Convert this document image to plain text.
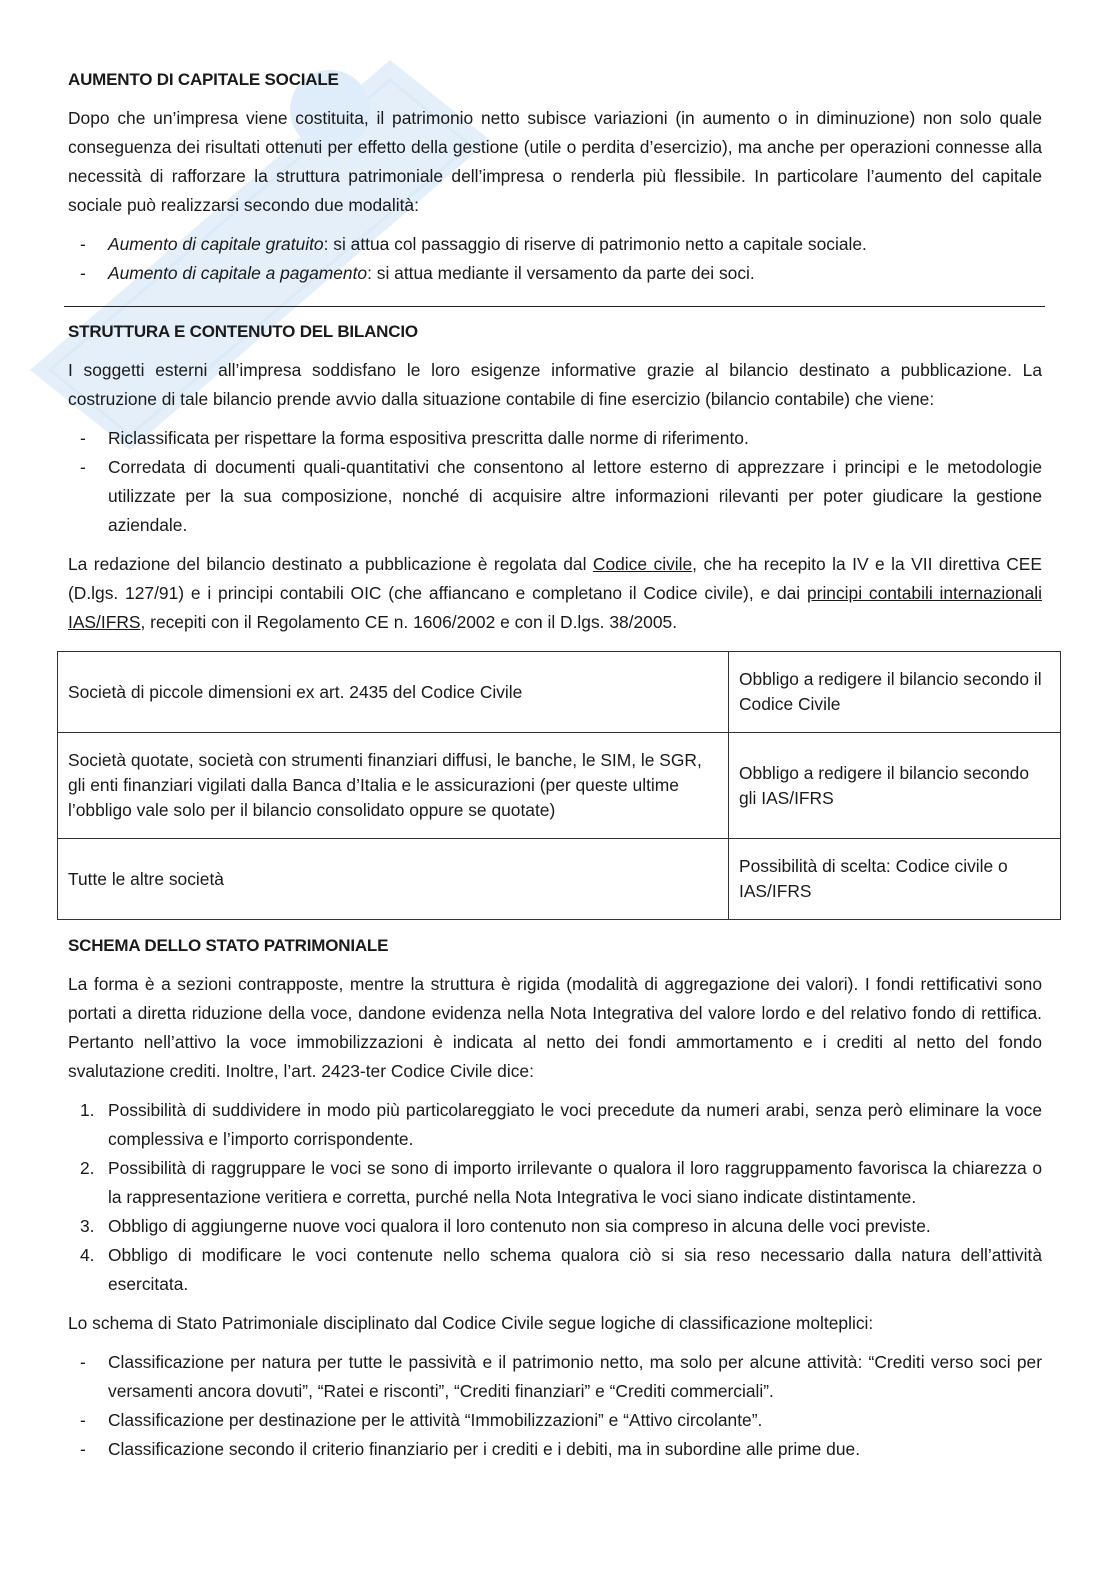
AUMENTO DI CAPITALE SOCIALE

Dopo che un’impresa viene costituita, il patrimonio netto subisce variazioni (in aumento o in diminuzione) non solo quale conseguenza dei risultati ottenuti per effetto della gestione (utile o perdita d’esercizio), ma anche per operazioni connesse alla necessità di rafforzare la struttura patrimoniale dell’impresa o renderla più flessibile. In particolare l’aumento del capitale sociale può realizzarsi secondo due modalità:

- Aumento di capitale gratuito: si attua col passaggio di riserve di patrimonio netto a capitale sociale.
- Aumento di capitale a pagamento: si attua mediante il versamento da parte dei soci.
STRUTTURA E CONTENUTO DEL BILANCIO

I soggetti esterni all’impresa soddisfano le loro esigenze informative grazie al bilancio destinato a pubblicazione. La costruzione di tale bilancio prende avvio dalla situazione contabile di fine esercizio (bilancio contabile) che viene:

- Riclassificata per rispettare la forma espositiva prescritta dalle norme di riferimento.
- Corredata di documenti quali-quantitativi che consentono al lettore esterno di apprezzare i principi e le metodologie utilizzate per la sua composizione, nonché di acquisire altre informazioni rilevanti per poter giudicare la gestione aziendale.

La redazione del bilancio destinato a pubblicazione è regolata dal Codice civile, che ha recepito la IV e la VII direttiva CEE (D.lgs. 127/91) e i principi contabili OIC (che affiancano e completano il Codice civile), e dai principi contabili internazionali IAS/IFRS, recepiti con il Regolamento CE n. 1606/2002 e con il D.lgs. 38/2005.

Società di piccole dimensioni ex art. 2435 del Codice Civile	Obbligo a redigere il bilancio secondo il Codice Civile
Società quotate, società con strumenti finanziari diffusi, le banche, le SIM, le SGR, gli enti finanziari vigilati dalla Banca d’Italia e le assicurazioni (per queste ultime l’obbligo vale solo per il bilancio consolidato oppure se quotate)	Obbligo a redigere il bilancio secondo gli IAS/IFRS
Tutte le altre società	Possibilità di scelta: Codice civile o IAS/IFRS
SCHEMA DELLO STATO PATRIMONIALE

La forma è a sezioni contrapposte, mentre la struttura è rigida (modalità di aggregazione dei valori). I fondi rettificativi sono portati a diretta riduzione della voce, dandone evidenza nella Nota Integrativa del valore lordo e del relativo fondo di rettifica. Pertanto nell’attivo la voce immobilizzazioni è indicata al netto dei fondi ammortamento e i crediti al netto del fondo svalutazione crediti. Inoltre, l’art. 2423-ter Codice Civile dice:

1. Possibilità di suddividere in modo più particolareggiato le voci precedute da numeri arabi, senza però eliminare la voce complessiva e l’importo corrispondente.
2. Possibilità di raggruppare le voci se sono di importo irrilevante o qualora il loro raggruppamento favorisca la chiarezza o la rappresentazione veritiera e corretta, purché nella Nota Integrativa le voci siano indicate distintamente.
3. Obbligo di aggiungerne nuove voci qualora il loro contenuto non sia compreso in alcuna delle voci previste.
4. Obbligo di modificare le voci contenute nello schema qualora ciò si sia reso necessario dalla natura dell’attività esercitata.

Lo schema di Stato Patrimoniale disciplinato dal Codice Civile segue logiche di classificazione molteplici:

- Classificazione per natura per tutte le passività e il patrimonio netto, ma solo per alcune attività: “Crediti verso soci per versamenti ancora dovuti”, “Ratei e risconti”, “Crediti finanziari” e “Crediti commerciali”.
- Classificazione per destinazione per le attività “Immobilizzazioni” e “Attivo circolante”.
- Classificazione secondo il criterio finanziario per i crediti e i debiti, ma in subordine alle prime due.
